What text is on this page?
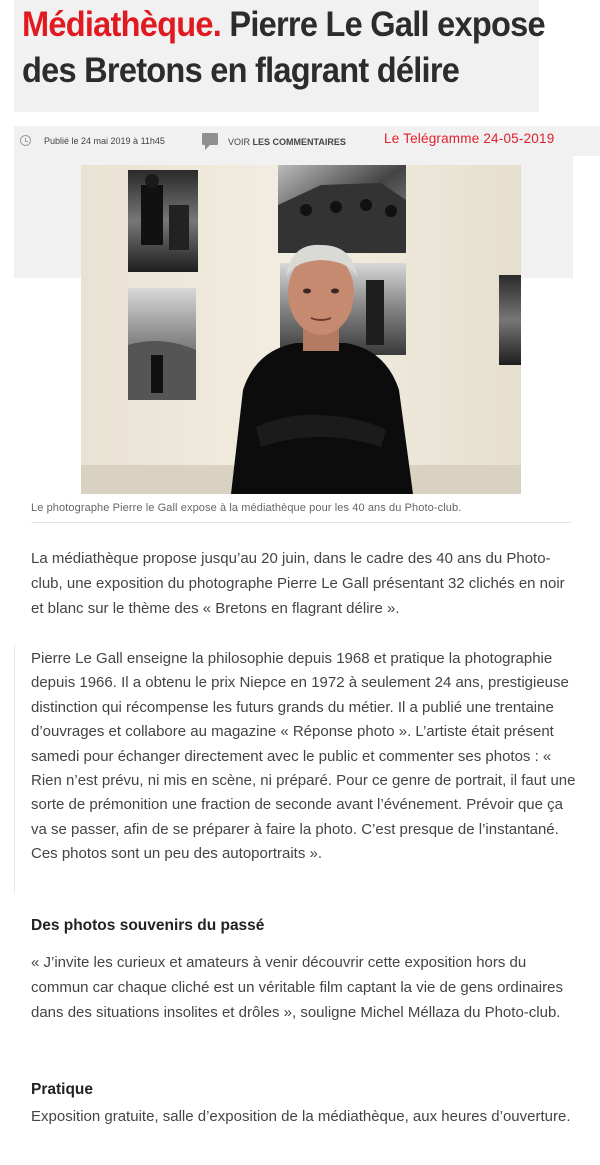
Médiathèque. Pierre Le Gall expose des Bretons en flagrant délire
Publié le 24 mai 2019 à 11h45	VOIR LES COMMENTAIRES	Le Telégramme 24-05-2019
Le photographe Pierre le Gall expose à la médiathèque pour les 40 ans du Photo-club.

La médiathèque propose jusqu’au 20 juin, dans le cadre des 40 ans du Photo-club, une exposition du photographe Pierre Le Gall présentant 32 clichés en noir et blanc sur le thème des « Bretons en flagrant délire ».

Pierre Le Gall enseigne la philosophie depuis 1968 et pratique la photographie depuis 1966. Il a obtenu le prix Niepce en 1972 à seulement 24 ans, prestigieuse distinction qui récompense les futurs grands du métier. Il a publié une trentaine d’ouvrages et collabore au magazine « Réponse photo ». L’artiste était présent samedi pour échanger directement avec le public et commenter ses photos : « Rien n’est prévu, ni mis en scène, ni préparé. Pour ce genre de portrait, il faut une sorte de prémonition une fraction de seconde avant l’événement. Prévoir que ça va se passer, afin de se préparer à faire la photo. C’est presque de l’instantané. Ces photos sont un peu des autoportraits ».

Des photos souvenirs du passé

« J’invite les curieux et amateurs à venir découvrir cette exposition hors du commun car chaque cliché est un véritable film captant la vie de gens ordinaires dans des situations insolites et drôles », souligne Michel Méllaza du Photo-club.

Pratique

Exposition gratuite, salle d’exposition de la médiathèque, aux heures d’ouverture.
